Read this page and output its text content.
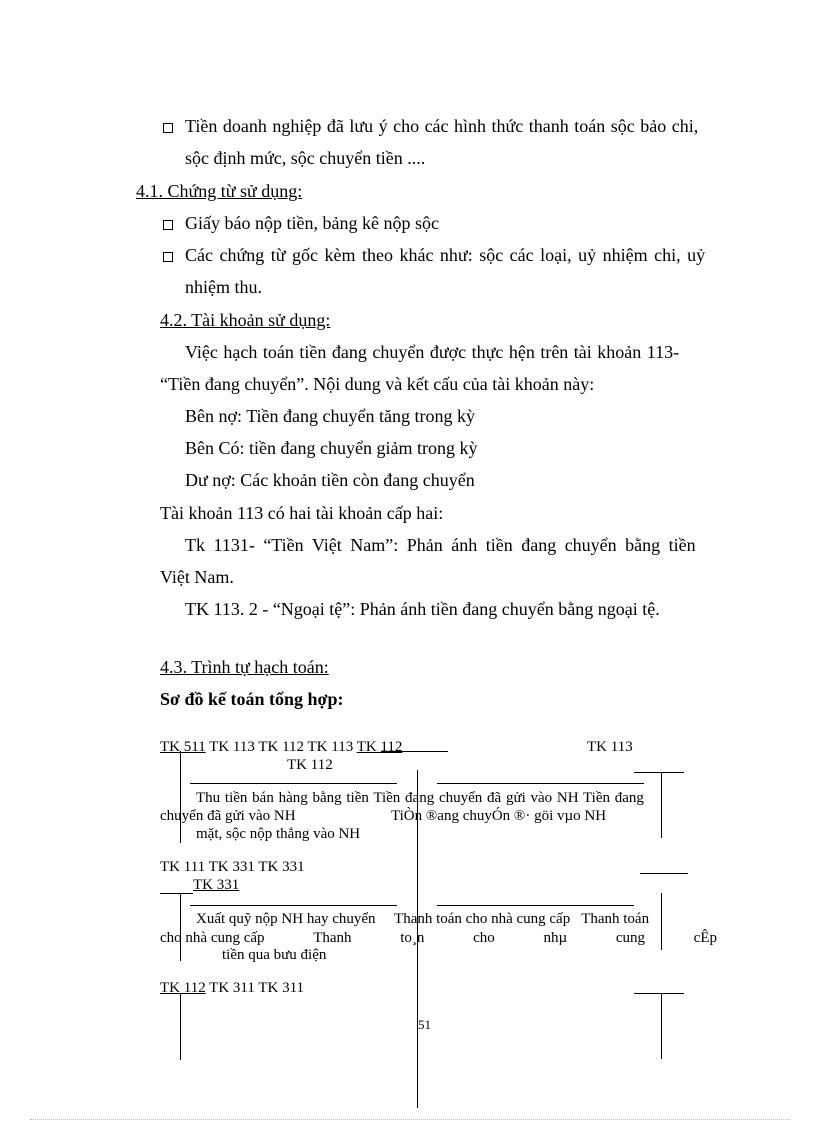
Tiền doanh nghiệp đã lưu ý cho các hình thức thanh toán sộc bảo chi,
sộc định mức, sộc chuyển tiền ....
4.1. Chứng từ sử dụng:
Giấy báo nộp tiền, bảng kê nộp sộc
Các chứng từ gốc kèm theo khác như: sộc các loại, uỷ nhiệm chi, uỷ
nhiệm thu.
4.2. Tài khoản sử dụng:
Việc hạch toán tiền đang chuyển được thực hện trên tài khoản 113-
“Tiền đang chuyển”. Nội dung và kết cấu của tài khoản này:
Bên nợ: Tiền đang chuyển tăng trong kỳ
Bên Có: tiền đang chuyển giảm trong kỳ
Dư nợ: Các khoản tiền còn đang chuyển
Tài khoản 113 có hai tài khoản cấp hai:
Tk 1131- “Tiền Việt Nam”: Phản ánh tiền đang chuyển bằng tiền
Việt Nam.
TK 113. 2 - “Ngoại tệ”: Phản ánh tiền đang chuyển bằng ngoại tệ.
4.3. Trình tự hạch toán:
Sơ đồ kế toán tổng hợp:
TK 511 TK 113 TK 112 TK 113 TK 112	TK 113
TK 112
Thu tiền bán hàng bằng tiền Tiền đang chuyển đã gửi vào NH Tiền đang
chuyển đã gửi vào NH	TiÒn ®ang chuyÓn ®· göi vµo NH
mặt, sộc nộp thẳng vào NH
TK 111 TK 331 TK 331
TK 331
Xuất quỹ nộp NH hay chuyển     Thanh toán cho nhà cung cấp   Thanh toán
cho nhà cung cấp	Thanh	to¸n	cho	nhµ	cung	cÊp
tiền qua bưu điện
TK 112 TK 311 TK 311
51
